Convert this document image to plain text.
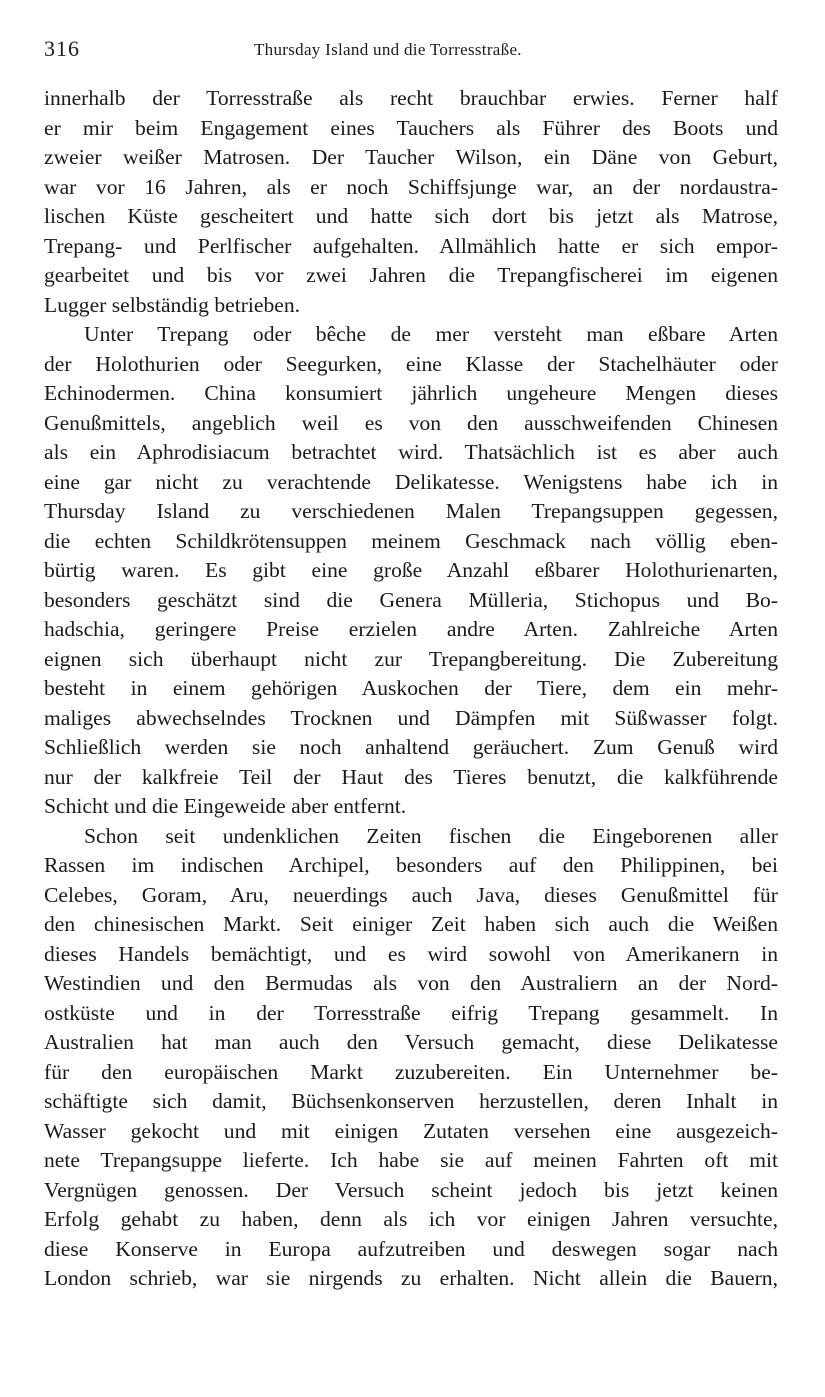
316	Thursday Island und die Torresstraße.
innerhalb der Torresstraße als recht brauchbar erwies. Ferner half
er mir beim Engagement eines Tauchers als Führer des Boots und
zweier weißer Matrosen. Der Taucher Wilson, ein Däne von Geburt,
war vor 16 Jahren, als er noch Schiffsjunge war, an der nordaustra-
lischen Küste gescheitert und hatte sich dort bis jetzt als Matrose,
Trepang- und Perlfischer aufgehalten. Allmählich hatte er sich empor-
gearbeitet und bis vor zwei Jahren die Trepangfischerei im eigenen
Lugger selbständig betrieben.
Unter Trepang oder bêche de mer versteht man eßbare Arten
der Holothurien oder Seegurken, eine Klasse der Stachelhäuter oder
Echinodermen. China konsumiert jährlich ungeheure Mengen dieses
Genußmittels, angeblich weil es von den ausschweifenden Chinesen
als ein Aphrodisiacum betrachtet wird. Thatsächlich ist es aber auch
eine gar nicht zu verachtende Delikatesse. Wenigstens habe ich in
Thursday Island zu verschiedenen Malen Trepangsuppen gegessen,
die echten Schildkrötensuppen meinem Geschmack nach völlig eben-
bürtig waren. Es gibt eine große Anzahl eßbarer Holothurienarten,
besonders geschätzt sind die Genera Mülleria, Stichopus und Bo-
hadschia, geringere Preise erzielen andre Arten. Zahlreiche Arten
eignen sich überhaupt nicht zur Trepangbereitung. Die Zubereitung
besteht in einem gehörigen Auskochen der Tiere, dem ein mehr-
maliges abwechselndes Trocknen und Dämpfen mit Süßwasser folgt.
Schließlich werden sie noch anhaltend geräuchert. Zum Genuß wird
nur der kalkfreie Teil der Haut des Tieres benutzt, die kalkführende
Schicht und die Eingeweide aber entfernt.
Schon seit undenklichen Zeiten fischen die Eingeborenen aller
Rassen im indischen Archipel, besonders auf den Philippinen, bei
Celebes, Goram, Aru, neuerdings auch Java, dieses Genußmittel für
den chinesischen Markt. Seit einiger Zeit haben sich auch die Weißen
dieses Handels bemächtigt, und es wird sowohl von Amerikanern in
Westindien und den Bermudas als von den Australiern an der Nord-
ostküste und in der Torresstraße eifrig Trepang gesammelt. In
Australien hat man auch den Versuch gemacht, diese Delikatesse
für den europäischen Markt zuzubereiten. Ein Unternehmer be-
schäftigte sich damit, Büchsenkonserven herzustellen, deren Inhalt in
Wasser gekocht und mit einigen Zutaten versehen eine ausgezeich-
nete Trepangsuppe lieferte. Ich habe sie auf meinen Fahrten oft mit
Vergnügen genossen. Der Versuch scheint jedoch bis jetzt keinen
Erfolg gehabt zu haben, denn als ich vor einigen Jahren versuchte,
diese Konserve in Europa aufzutreiben und deswegen sogar nach
London schrieb, war sie nirgends zu erhalten. Nicht allein die Bauern,
